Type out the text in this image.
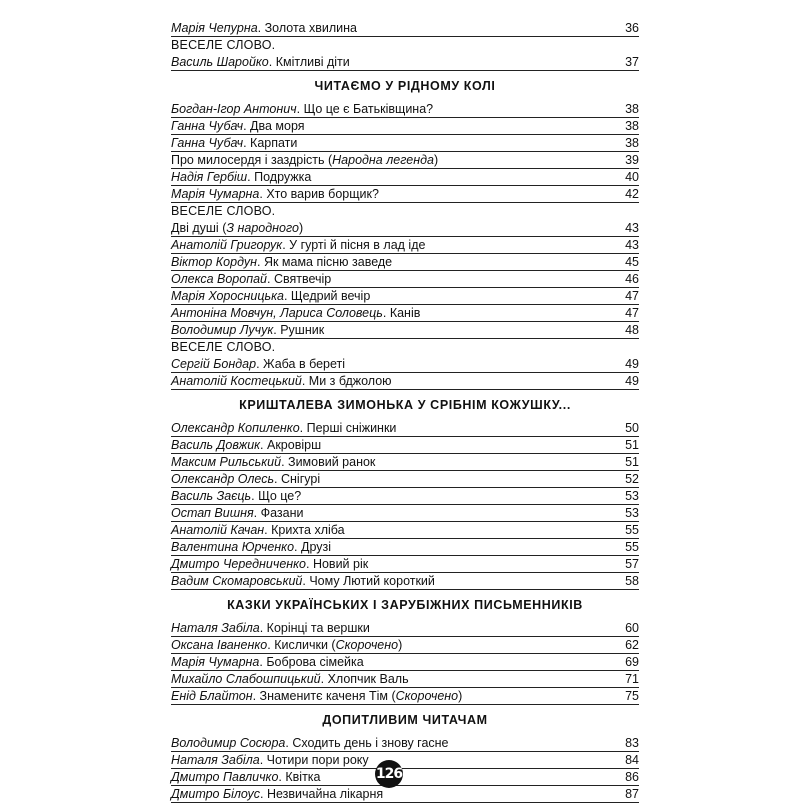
Марія Чепурна . Золота хвилина	36
ВЕСЕЛЕ СЛОВО.
Василь Шаройко . Кмітливі діти	37
ЧИТАЄМО У РІДНОМУ КОЛІ
Богдан-Ігор Антонич . Що це є Батьківщина?	38
Ганна Чубач . Два моря	38
Ганна Чубач . Карпати	38
Про милосердя і заздрість (Народна легенда)	39
Надія Гербіш . Подружка	40
Марія Чумарна . Хто варив борщик?	42
ВЕСЕЛЕ СЛОВО.
Дві душі (З народного)	43
Анатолій Григорук . У гурті й пісня в лад іде	43
Віктор Кордун . Як мама пісню заведе	45
Олекса Воропай . Святвечір	46
Марія Хоросницька . Щедрий вечір	47
Антоніна Мовчун, Лариса Соловець . Канів	47
Володимир Лучук . Рушник	48
ВЕСЕЛЕ СЛОВО.
Сергій Бондар . Жаба в береті	49
Анатолій Костецький . Ми з бджолою	49
КРИШТАЛЕВА ЗИМОНЬКА У СРІБНІМ КОЖУШКУ...
Олександр Копиленко . Перші сніжинки	50
Василь Довжик . Акровірш	51
Максим Рильський . Зимовий ранок	51
Олександр Олесь . Снігурі	52
Василь Заєць . Що це?	53
Остап Вишня . Фазани	53
Анатолій Качан . Крихта хліба	55
Валентина Юрченко . Друзі	55
Дмитро Чередниченко . Новий рік	57
Вадим Скомаровський . Чому Лютий короткий	58
КАЗКИ УКРАЇНСЬКИХ І ЗАРУБІЖНИХ ПИСЬМЕННИКІВ
Наталя Забіла . Корінці та вершки	60
Оксана Іваненко . Кислички (Скорочено)	62
Марія Чумарна . Боброва сімейка	69
Михайло Слабошпицький . Хлопчик Валь	71
Енід Блайтон . Знаменитє каченя Тім (Скорочено)	75
ДОПИТЛИВИМ ЧИТАЧАМ
Володимир Сосюра . Сходить день і знову гасне	83
Наталя Забіла . Чотири пори року	84
Дмитро Павличко . Квітка	86
Дмитро Білоус . Незвичайна лікарня	87
126
